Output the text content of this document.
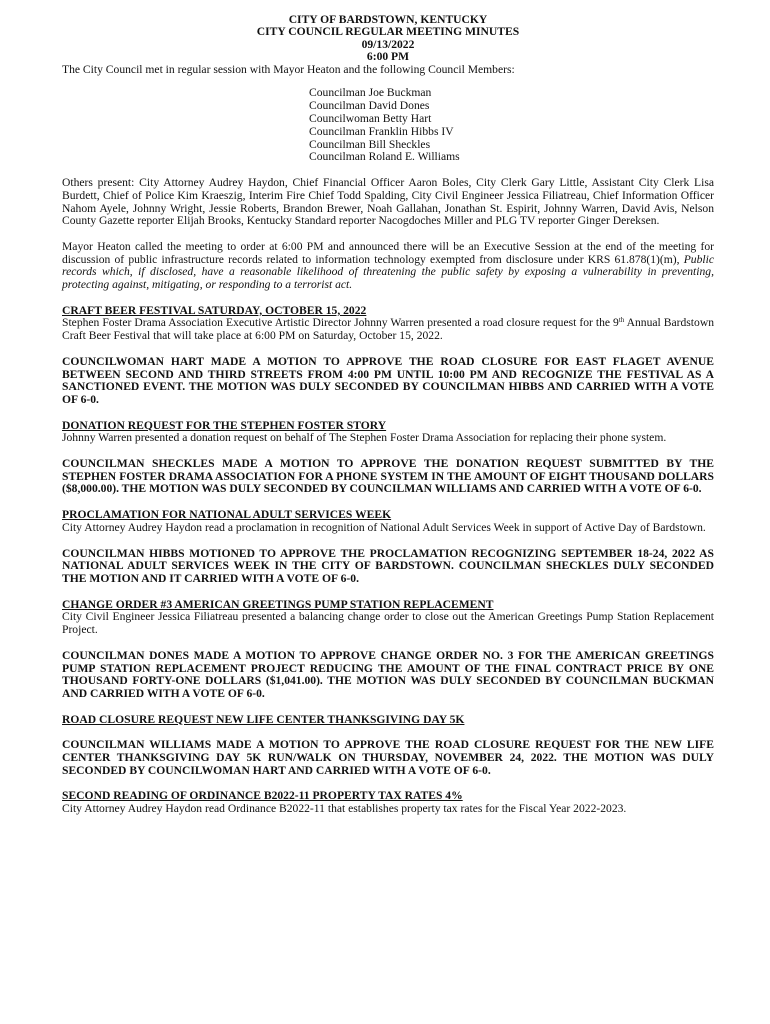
CITY OF BARDSTOWN, KENTUCKY
CITY COUNCIL REGULAR MEETING MINUTES
09/13/2022
6:00 PM

The City Council met in regular session with Mayor Heaton and the following Council Members:

Councilman Joe Buckman
Councilman David Dones
Councilwoman Betty Hart
Councilman Franklin Hibbs IV
Councilman Bill Sheckles
Councilman Roland E. Williams

Others present: City Attorney Audrey Haydon, Chief Financial Officer Aaron Boles, City Clerk Gary Little, Assistant City Clerk Lisa Burdett, Chief of Police Kim Kraeszig, Interim Fire Chief Todd Spalding, City Civil Engineer Jessica Filiatreau, Chief Information Officer Nahom Ayele, Johnny Wright, Jessie Roberts, Brandon Brewer, Noah Gallahan, Jonathan St. Espirit, Johnny Warren, David Avis, Nelson County Gazette reporter Elijah Brooks, Kentucky Standard reporter Nacogdoches Miller and PLG TV reporter Ginger Dereksen.

Mayor Heaton called the meeting to order at 6:00 PM and announced there will be an Executive Session at the end of the meeting for discussion of public infrastructure records related to information technology exempted from disclosure under KRS 61.878(1)(m), Public records which, if disclosed, have a reasonable likelihood of threatening the public safety by exposing a vulnerability in preventing, protecting against, mitigating, or responding to a terrorist act.

CRAFT BEER FESTIVAL SATURDAY, OCTOBER 15, 2022

Stephen Foster Drama Association Executive Artistic Director Johnny Warren presented a road closure request for the 9th Annual Bardstown Craft Beer Festival that will take place at 6:00 PM on Saturday, October 15, 2022.

COUNCILWOMAN HART MADE A MOTION TO APPROVE THE ROAD CLOSURE FOR EAST FLAGET AVENUE BETWEEN SECOND AND THIRD STREETS FROM 4:00 PM UNTIL 10:00 PM AND RECOGNIZE THE FESTIVAL AS A SANCTIONED EVENT. THE MOTION WAS DULY SECONDED BY COUNCILMAN HIBBS AND CARRIED WITH A VOTE OF 6-0.
DONATION REQUEST FOR THE STEPHEN FOSTER STORY

Johnny Warren presented a donation request on behalf of The Stephen Foster Drama Association for replacing their phone system.

COUNCILMAN SHECKLES MADE A MOTION TO APPROVE THE DONATION REQUEST SUBMITTED BY THE STEPHEN FOSTER DRAMA ASSOCIATION FOR A PHONE SYSTEM IN THE AMOUNT OF EIGHT THOUSAND DOLLARS ($8,000.00). THE MOTION WAS DULY SECONDED BY COUNCILMAN WILLIAMS AND CARRIED WITH A VOTE OF 6-0.
PROCLAMATION FOR NATIONAL ADULT SERVICES WEEK

City Attorney Audrey Haydon read a proclamation in recognition of National Adult Services Week in support of Active Day of Bardstown.

COUNCILMAN HIBBS MOTIONED TO APPROVE THE PROCLAMATION RECOGNIZING SEPTEMBER 18-24, 2022 AS NATIONAL ADULT SERVICES WEEK IN THE CITY OF BARDSTOWN. COUNCILMAN SHECKLES DULY SECONDED THE MOTION AND IT CARRIED WITH A VOTE OF 6-0.
CHANGE ORDER #3 AMERICAN GREETINGS PUMP STATION REPLACEMENT

City Civil Engineer Jessica Filiatreau presented a balancing change order to close out the American Greetings Pump Station Replacement Project.

COUNCILMAN DONES MADE A MOTION TO APPROVE CHANGE ORDER NO. 3 FOR THE AMERICAN GREETINGS PUMP STATION REPLACEMENT PROJECT REDUCING THE AMOUNT OF THE FINAL CONTRACT PRICE BY ONE THOUSAND FORTY-ONE DOLLARS ($1,041.00). THE MOTION WAS DULY SECONDED BY COUNCILMAN BUCKMAN AND CARRIED WITH A VOTE OF 6-0.
ROAD CLOSURE REQUEST NEW LIFE CENTER THANKSGIVING DAY 5K
COUNCILMAN WILLIAMS MADE A MOTION TO APPROVE THE ROAD CLOSURE REQUEST FOR THE NEW LIFE CENTER THANKSGIVING DAY 5K RUN/WALK ON THURSDAY, NOVEMBER 24, 2022. THE MOTION WAS DULY SECONDED BY COUNCILWOMAN HART AND CARRIED WITH A VOTE OF 6-0.
SECOND READING OF ORDINANCE B2022-11 PROPERTY TAX RATES 4%

City Attorney Audrey Haydon read Ordinance B2022-11 that establishes property tax rates for the Fiscal Year 2022-2023.
